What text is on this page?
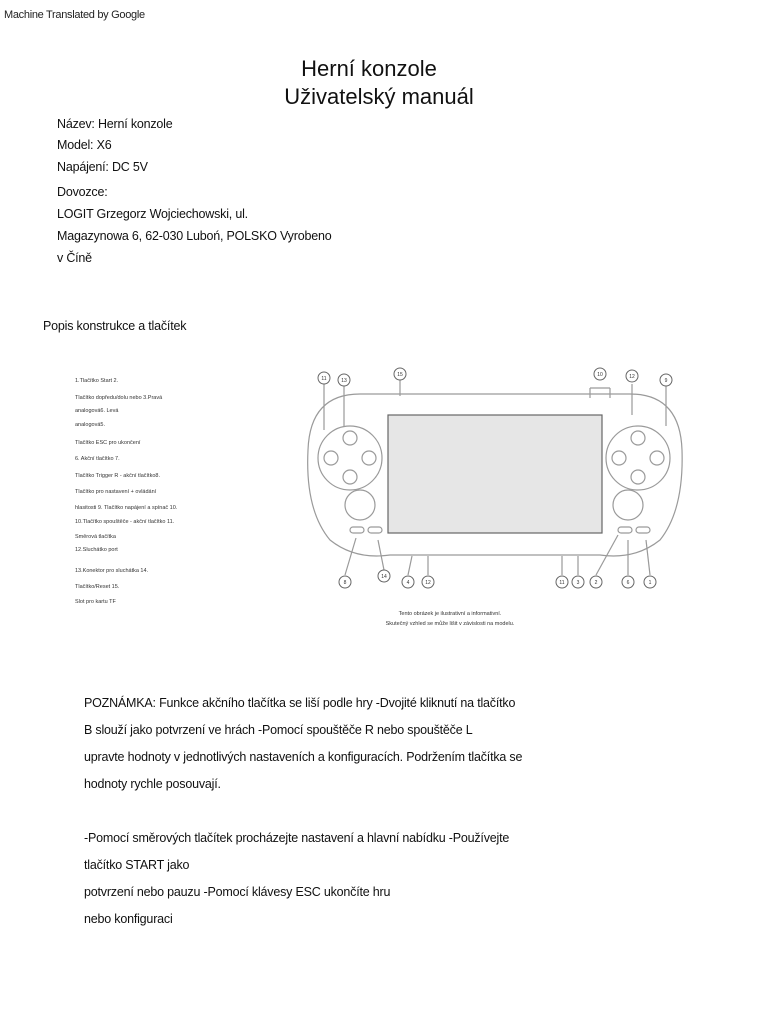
Machine Translated by Google
Herní konzole
Uživatelský manuál
Název: Herní konzole
Model: X6
Napájení: DC 5V
Dovozce:
LOGIT Grzegorz Wojciechowski, ul.
Magazynowa 6, 62-030 Luboń, POLSKO Vyrobeno
v Číně
Popis konstrukce a tlačítek
1.Tlačítko Start 2.
Tlačítko dopředu/dolu nebo 3.Pravá
analogová6. Levá
analogová5.
Tlačítko ESC pro ukončení
6. Akční tlačítko 7.
Tlačítko Trigger R - akční tlačítko8.
Tlačítko pro nastavení + ovládání
hlasitosti 9. Tlačítko napájení a spínač 10.
10.Tlačítko spouštěče - akční tlačítko 11.
Směrová tlačítka
12.Sluchátko port
13.Konektor pro sluchátka 14.
Tlačítko/Reset 15.
Slot pro kartu TF
11	13
15	10	12
9
8
14
4	12	11 3	2	6	1
Tento obrázek je ilustrativní a informativní.
Skutečný vzhled se může lišit v závislosti na modelu.
POZNÁMKA: Funkce akčního tlačítka se liší podle hry -Dvojité kliknutí na tlačítko
B slouží jako potvrzení ve hrách -Pomocí spouštěče R nebo spouštěče L
upravte hodnoty v jednotlivých nastaveních a konfiguracích. Podržením tlačítka se
hodnoty rychle posouvají.
-Pomocí směrových tlačítek procházejte nastavení a hlavní nabídku -Používejte
tlačítko START jako
potvrzení nebo pauzu -Pomocí klávesy ESC ukončíte hru
nebo konfiguraci
